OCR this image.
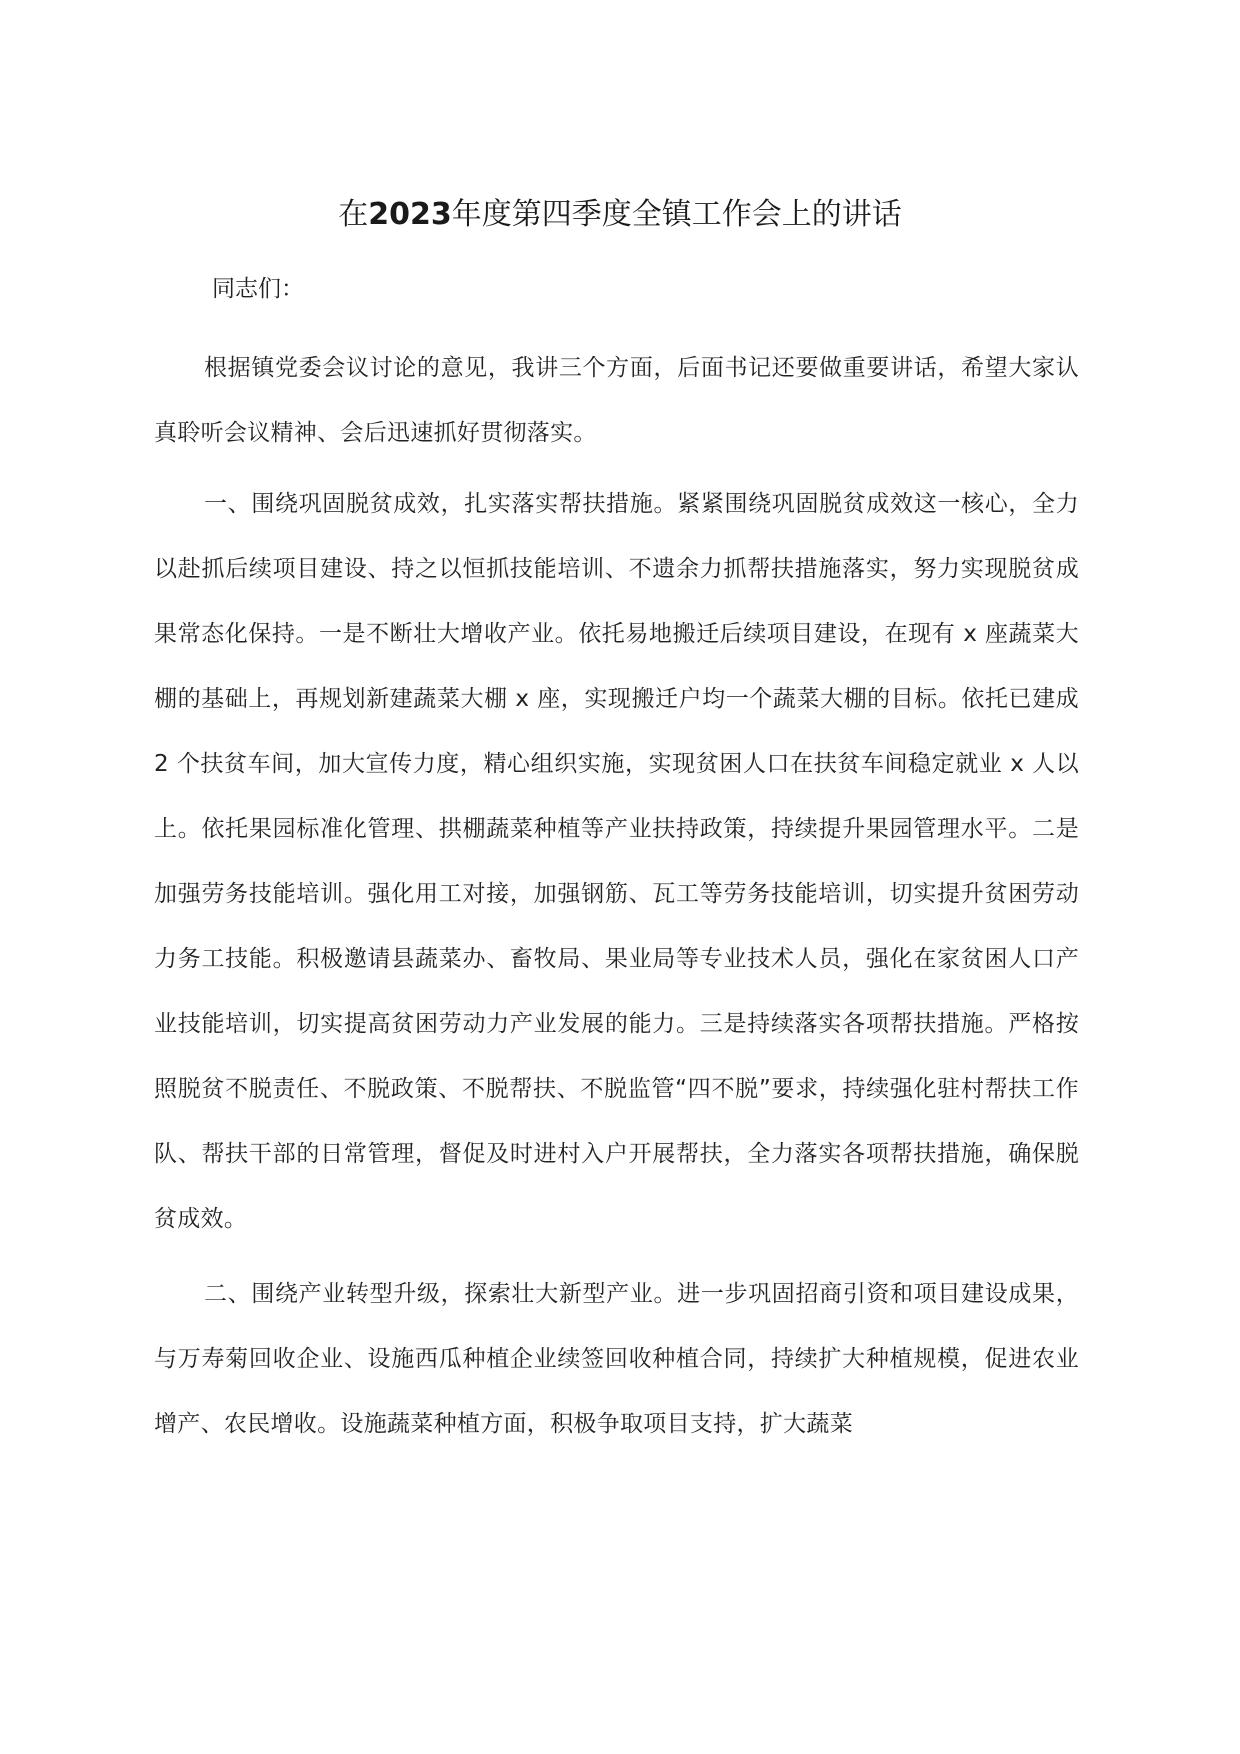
在2023年度第四季度全镇工作会上的讲话

同志们：

根据镇党委会议讨论的意见，我讲三个方面，后面书记还要做重要讲话，希望大家认真聆听会议精神、会后迅速抓好贯彻落实。

一、围绕巩固脱贫成效，扎实落实帮扶措施。紧紧围绕巩固脱贫成效这一核心，全力以赴抓后续项目建设、持之以恒抓技能培训、不遗余力抓帮扶措施落实，努力实现脱贫成果常态化保持。一是不断壮大增收产业。依托易地搬迁后续项目建设，在现有 x 座蔬菜大棚的基础上，再规划新建蔬菜大棚 x 座，实现搬迁户均一个蔬菜大棚的目标。依托已建成 2 个扶贫车间，加大宣传力度，精心组织实施，实现贫困人口在扶贫车间稳定就业 x 人以上。依托果园标准化管理、拱棚蔬菜种植等产业扶持政策，持续提升果园管理水平。二是加强劳务技能培训。强化用工对接，加强钢筋、瓦工等劳务技能培训，切实提升贫困劳动力务工技能。积极邀请县蔬菜办、畜牧局、果业局等专业技术人员，强化在家贫困人口产业技能培训，切实提高贫困劳动力产业发展的能力。三是持续落实各项帮扶措施。严格按照脱贫不脱责任、不脱政策、不脱帮扶、不脱监管“四不脱”要求，持续强化驻村帮扶工作队、帮扶干部的日常管理，督促及时进村入户开展帮扶，全力落实各项帮扶措施，确保脱贫成效。

二、围绕产业转型升级，探索壮大新型产业。进一步巩固招商引资和项目建设成果，与万寿菊回收企业、设施西瓜种植企业续签回收种植合同，持续扩大种植规模，促进农业增产、农民增收。设施蔬菜种植方面，积极争取项目支持，扩大蔬菜
